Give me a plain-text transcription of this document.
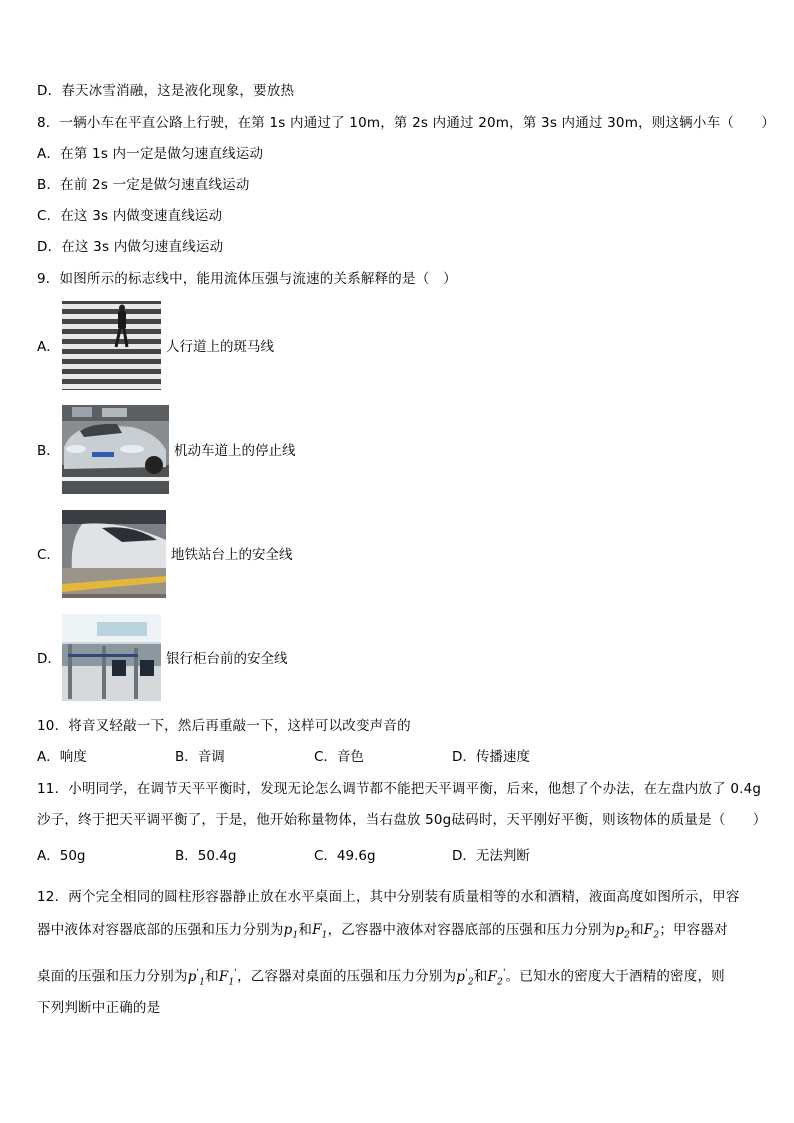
D．春天冰雪消融，这是液化现象，要放热
8．一辆小车在平直公路上行驶，在第 1s 内通过了 10m，第 2s 内通过 20m，第 3s 内通过 30m，则这辆小车（　　）
A．在第 1s 内一定是做匀速直线运动
B．在前 2s 一定是做匀速直线运动
C．在这 3s 内做变速直线运动
D．在这 3s 内做匀速直线运动
9．如图所示的标志线中，能用流体压强与流速的关系解释的是（　）
A．	人行道上的斑马线
B．	机动车道上的停止线
C．	地铁站台上的安全线
D．	银行柜台前的安全线
10．将音叉轻敲一下，然后再重敲一下，这样可以改变声音的
A．响度	B．音调	C．音色	D．传播速度
11．小明同学，在调节天平平衡时，发现无论怎么调节都不能把天平调平衡，后来，他想了个办法，在左盘内放了 0.4g
沙子，终于把天平调平衡了，于是，他开始称量物体，当右盘放 50g砝码时，天平刚好平衡，则该物体的质量是（　　）
A．50g	B．50.4g	C．49.6g	D．无法判断
12．两个完全相同的圆柱形容器静止放在水平桌面上，其中分别装有质量相等的水和酒精，液面高度如图所示，甲容
器中液体对容器底部的压强和压力分别为$p_1$和$F_1$，乙容器中液体对容器底部的压强和压力分别为$p_2$和$F_2$；甲容器对
桌面的压强和压力分别为$p'_1$和$F_1'$，乙容器对桌面的压强和压力分别为$p'_2$和$F_2'$。已知水的密度大于酒精的密度，则
下列判断中正确的是
